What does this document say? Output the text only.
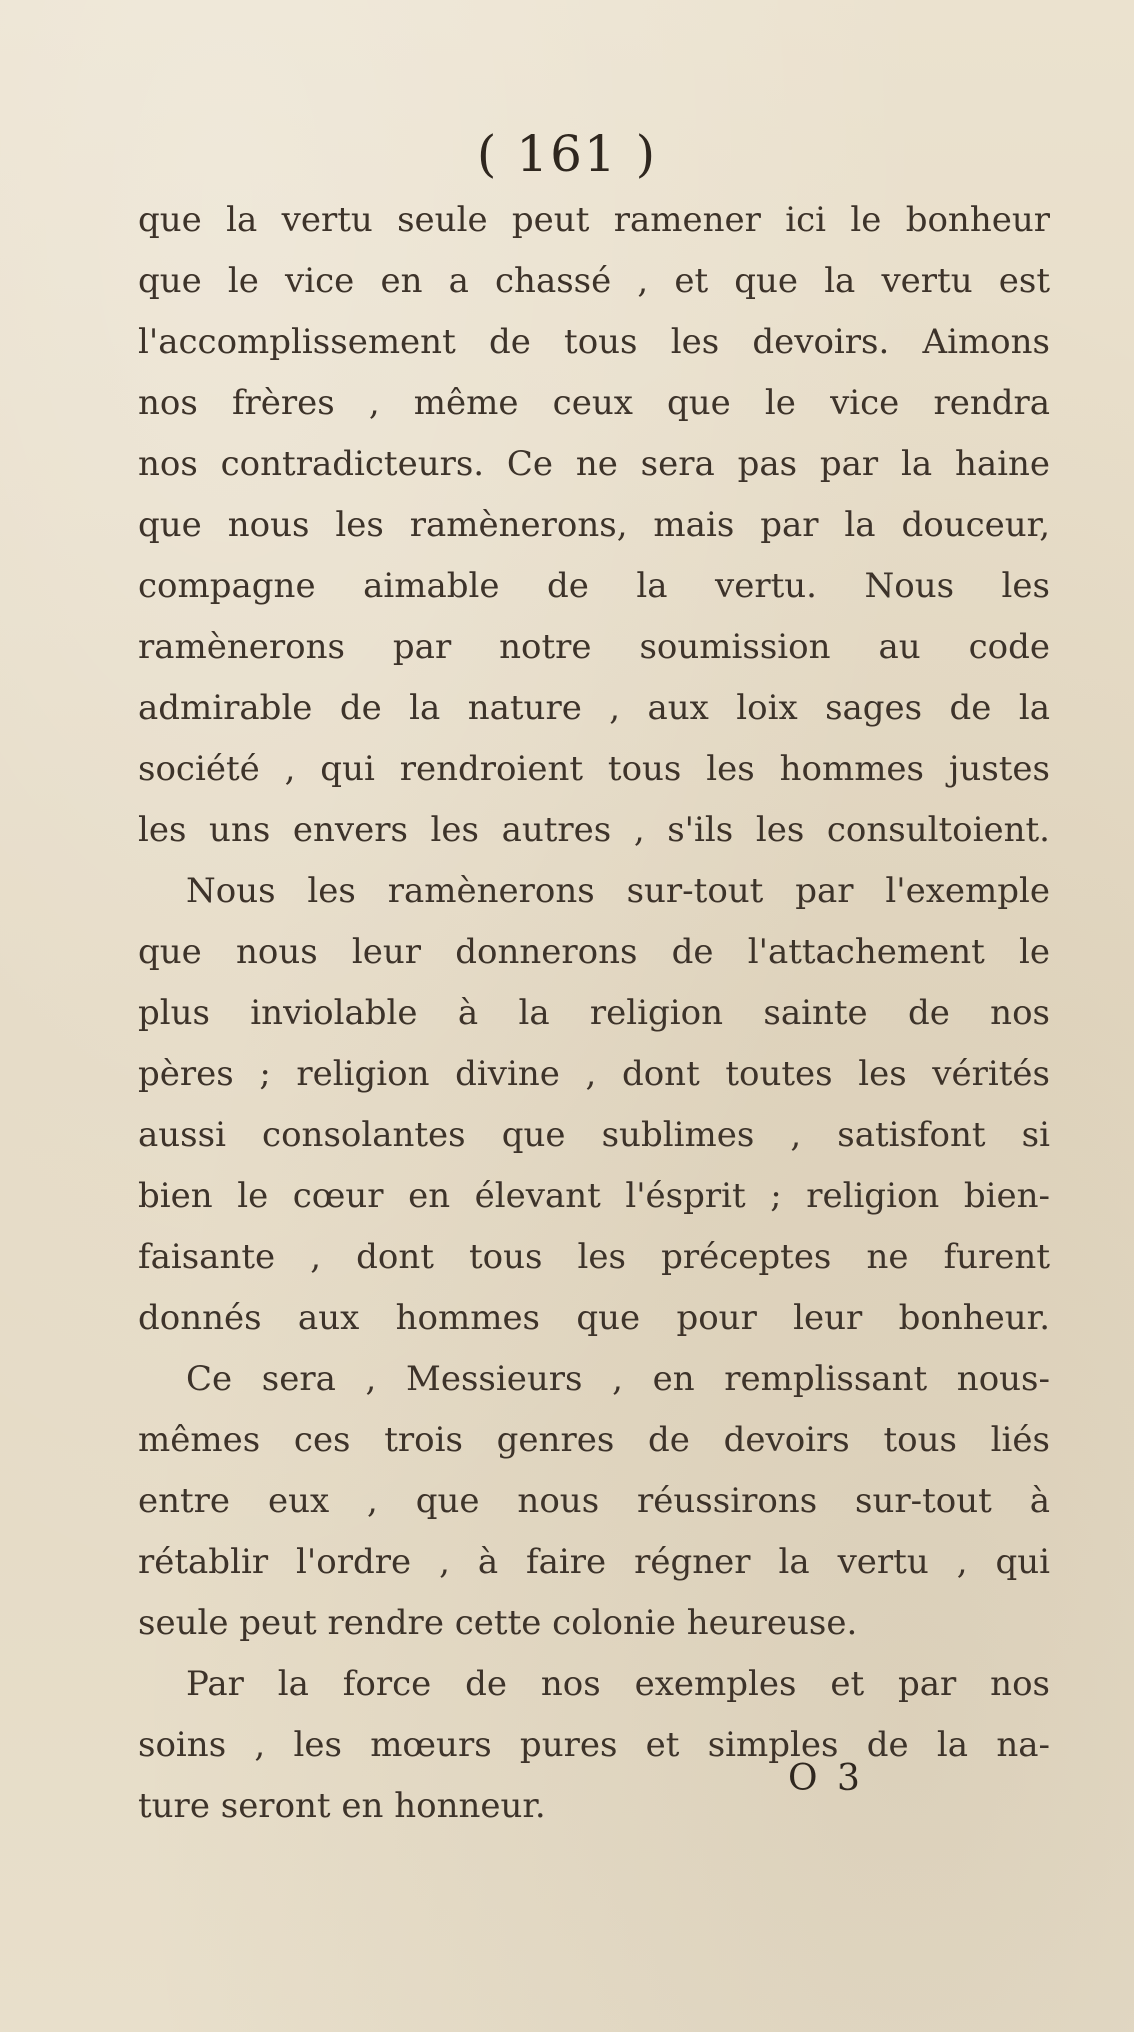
( 161 )
que la vertu seule peut ramener ici le bonheur
que le vice en a chassé , et que la vertu est
l'accomplissement de tous les devoirs. Aimons
nos frères , même ceux que le vice rendra
nos contradicteurs. Ce ne sera pas par la haine
que nous les ramènerons, mais par la douceur,
compagne aimable de la vertu. Nous les
ramènerons par notre soumission au code
admirable de la nature , aux loix sages de la
société , qui rendroient tous les hommes justes
les uns envers les autres , s'ils les consultoient.
Nous les ramènerons sur-tout par l'exemple
que nous leur donnerons de l'attachement le
plus inviolable à la religion sainte de nos
pères ; religion divine , dont toutes les vérités
aussi consolantes que sublimes , satisfont si
bien le cœur en élevant l'ésprit ; religion bien-
faisante , dont tous les préceptes ne furent
donnés aux hommes que pour leur bonheur.
Ce sera , Messieurs , en remplissant nous-
mêmes ces trois genres de devoirs tous liés
entre eux , que nous réussirons sur-tout à
rétablir l'ordre , à faire régner la vertu , qui
seule peut rendre cette colonie heureuse.
Par la force de nos exemples et par nos
soins , les mœurs pures et simples de la na-
ture seront en honneur.
O 3
